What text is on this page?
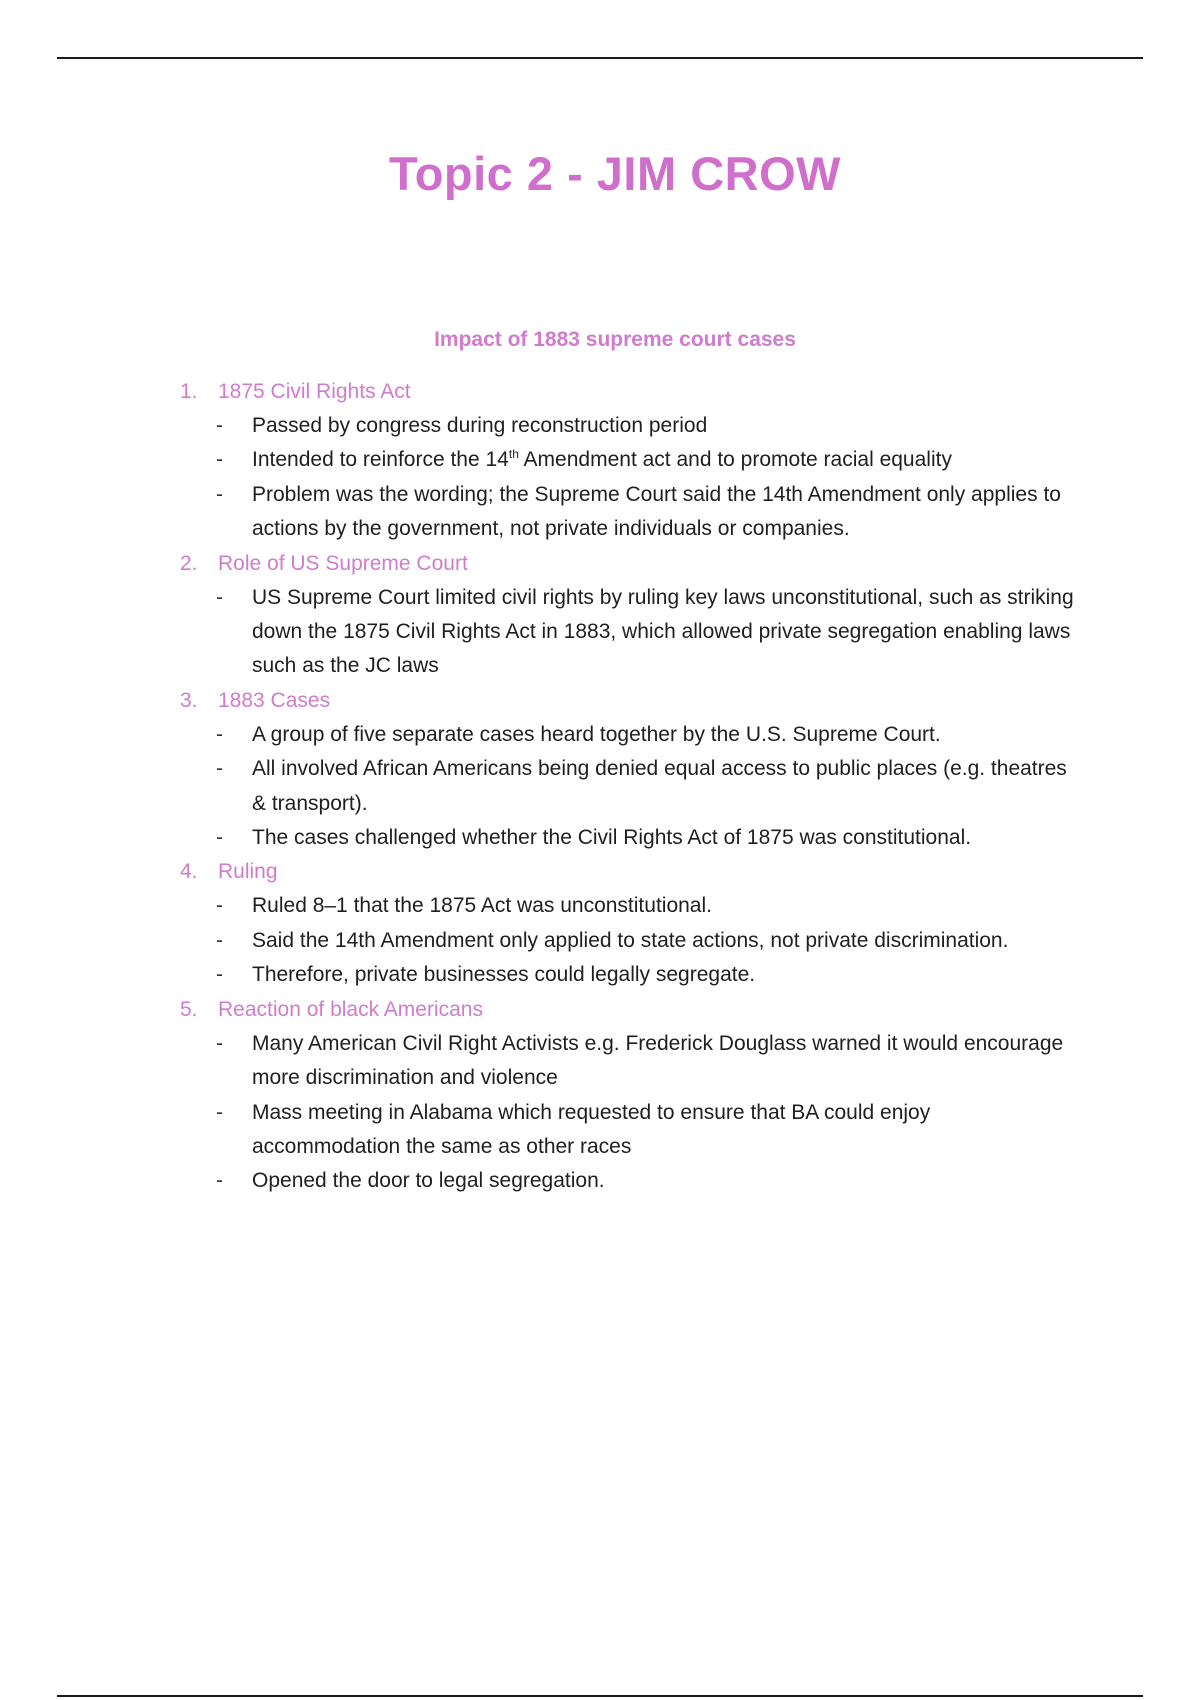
Topic 2 - JIM CROW
Impact of 1883 supreme court cases
1. 1875 Civil Rights Act
-	Passed by congress during reconstruction period
-	Intended to reinforce the 14th Amendment act and to promote racial equality
-	Problem was the wording; the Supreme Court said the 14th Amendment only applies to actions by the government, not private individuals or companies.
2. Role of US Supreme Court
-	US Supreme Court limited civil rights by ruling key laws unconstitutional, such as striking down the 1875 Civil Rights Act in 1883, which allowed private segregation enabling laws such as the JC laws
3. 1883 Cases
-	A group of five separate cases heard together by the U.S. Supreme Court.
-	All involved African Americans being denied equal access to public places (e.g. theatres & transport).
-	The cases challenged whether the Civil Rights Act of 1875 was constitutional.
4. Ruling
-	Ruled 8–1 that the 1875 Act was unconstitutional.
-	Said the 14th Amendment only applied to state actions, not private discrimination.
-	Therefore, private businesses could legally segregate.
5. Reaction of black Americans
-	Many American Civil Right Activists e.g. Frederick Douglass warned it would encourage more discrimination and violence
-	Mass meeting in Alabama which requested to ensure that BA could enjoy accommodation the same as other races
-	Opened the door to legal segregation.
